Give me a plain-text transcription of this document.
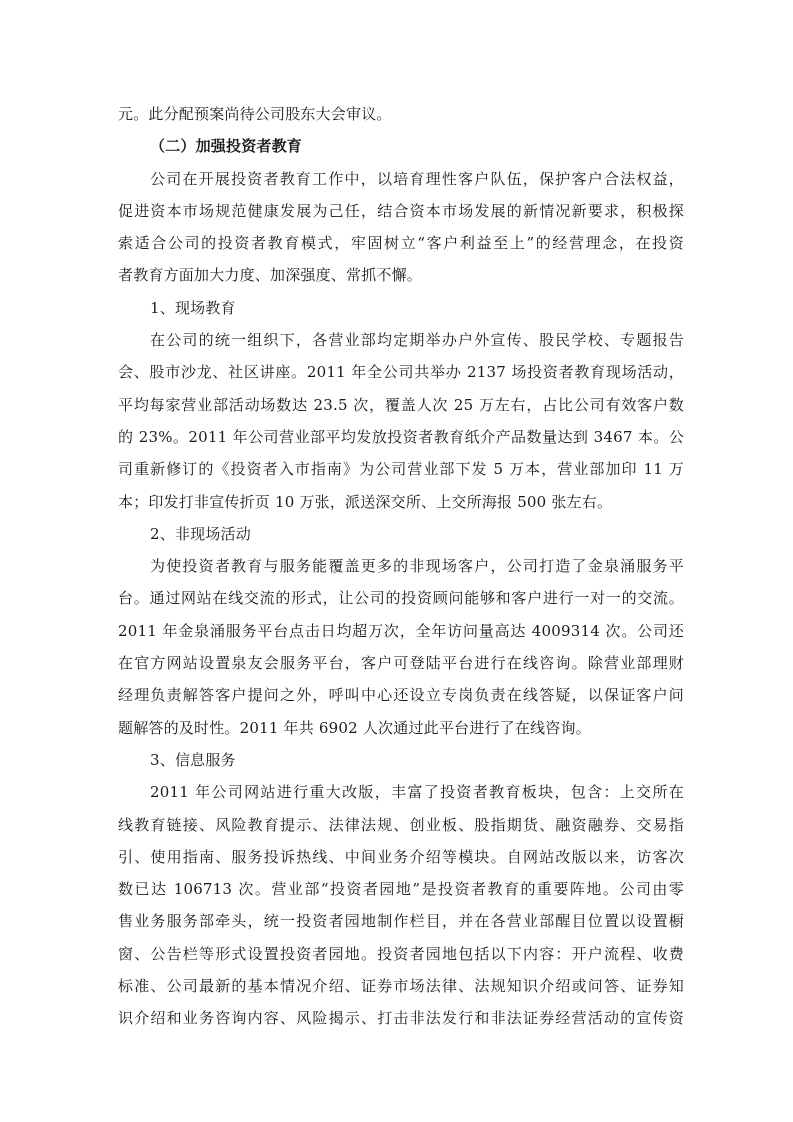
元。此分配预案尚待公司股东大会审议。
（二）加强投资者教育
公司在开展投资者教育工作中，以培育理性客户队伍，保护客户合法权益，
促进资本市场规范健康发展为己任，结合资本市场发展的新情况新要求，积极探
索适合公司的投资者教育模式，牢固树立“客户利益至上”的经营理念，在投资
者教育方面加大力度、加深强度、常抓不懈。
1、现场教育
在公司的统一组织下，各营业部均定期举办户外宣传、股民学校、专题报告
会、股市沙龙、社区讲座。2011 年全公司共举办 2137 场投资者教育现场活动，
平均每家营业部活动场数达 23.5 次，覆盖人次 25 万左右，占比公司有效客户数
的 23%。2011 年公司营业部平均发放投资者教育纸介产品数量达到 3467 本。公
司重新修订的《投资者入市指南》为公司营业部下发 5 万本，营业部加印 11 万
本；印发打非宣传折页 10 万张，派送深交所、上交所海报 500 张左右。
2、非现场活动
为使投资者教育与服务能覆盖更多的非现场客户，公司打造了金泉涌服务平
台。通过网站在线交流的形式，让公司的投资顾问能够和客户进行一对一的交流。
2011 年金泉涌服务平台点击日均超万次，全年访问量高达 4009314 次。公司还
在官方网站设置泉友会服务平台，客户可登陆平台进行在线咨询。除营业部理财
经理负责解答客户提问之外，呼叫中心还设立专岗负责在线答疑，以保证客户问
题解答的及时性。2011 年共 6902 人次通过此平台进行了在线咨询。
3、信息服务
2011 年公司网站进行重大改版，丰富了投资者教育板块，包含：上交所在
线教育链接、风险教育提示、法律法规、创业板、股指期货、融资融券、交易指
引、使用指南、服务投诉热线、中间业务介绍等模块。自网站改版以来，访客次
数已达 106713 次。营业部“投资者园地”是投资者教育的重要阵地。公司由零
售业务服务部牵头，统一投资者园地制作栏目，并在各营业部醒目位置以设置橱
窗、公告栏等形式设置投资者园地。投资者园地包括以下内容：开户流程、收费
标准、公司最新的基本情况介绍、证券市场法律、法规知识介绍或问答、证券知
识介绍和业务咨询内容、风险揭示、打击非法发行和非法证券经营活动的宣传资
